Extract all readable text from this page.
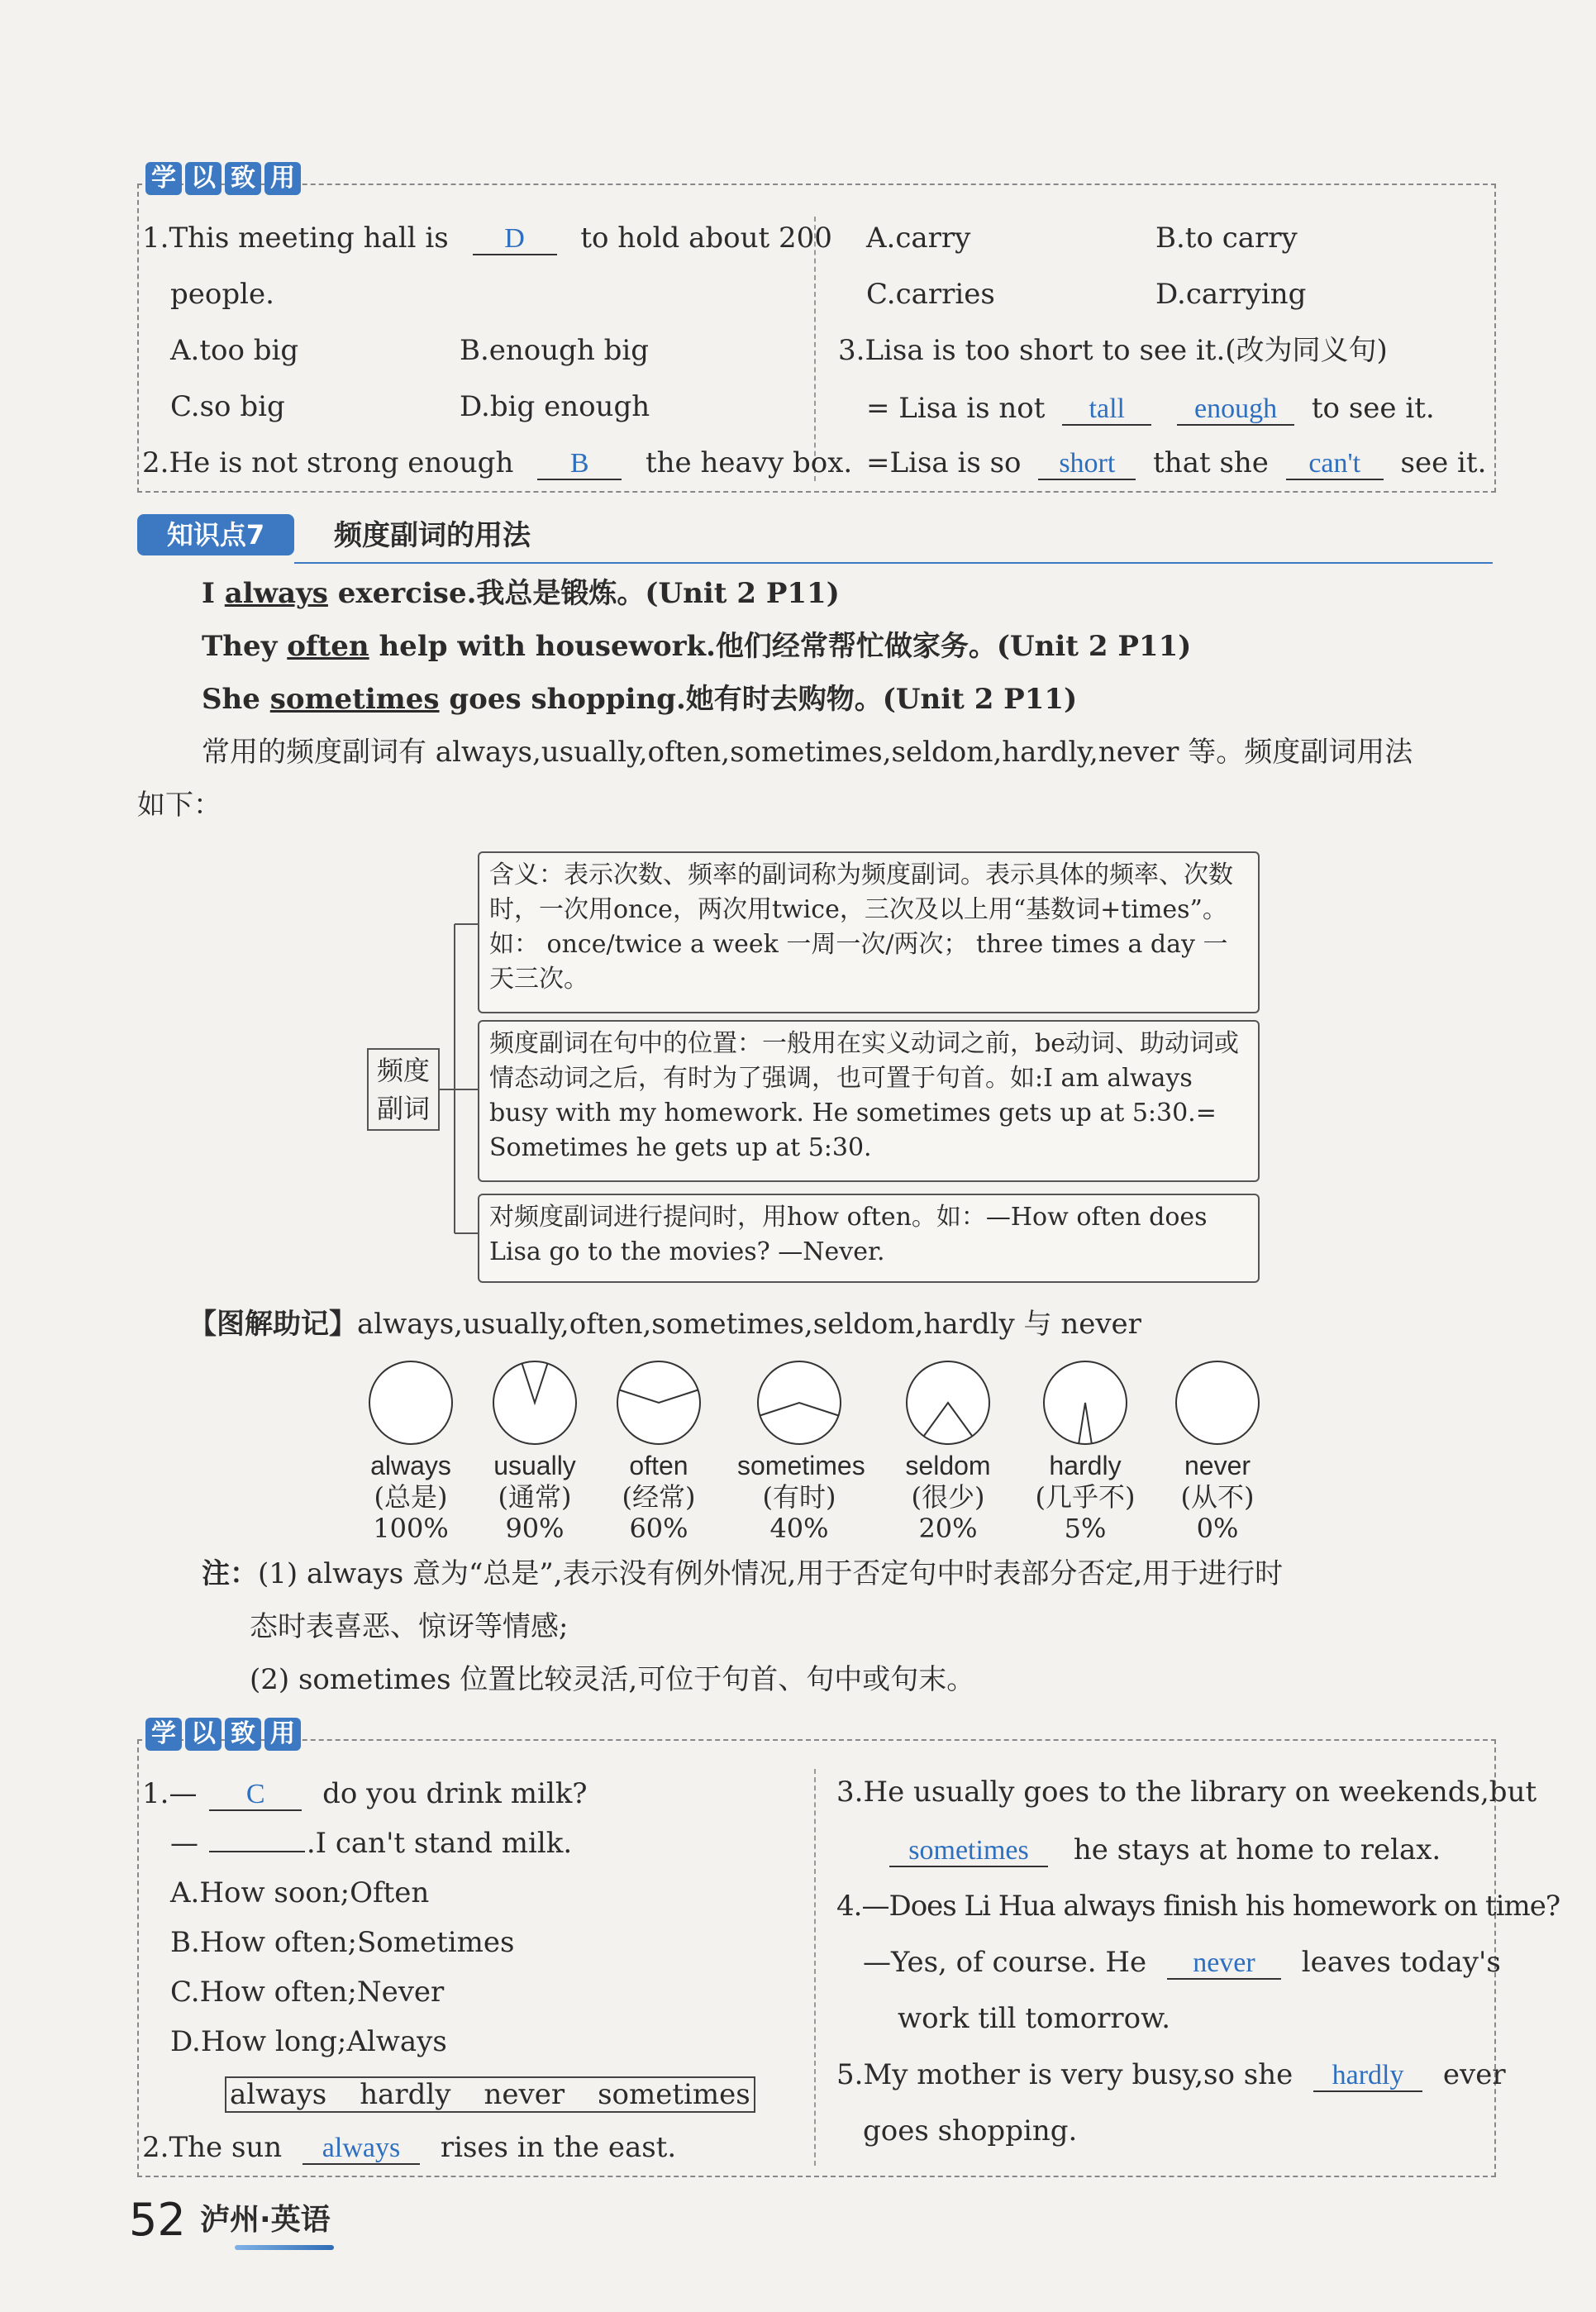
学 以 致 用
1.This meeting hall is D to hold about 200
people.
A.too big	B.enough big
C.so big	D.big enough
2.He is not strong enough B the heavy box.
A.carry	B.to carry
C.carries	D.carrying
3.Lisa is too short to see it.(改为同义句)
= Lisa is not tall enough to see it.
=Lisa is so short that she can't see it.
知识点7	频度副词的用法
I always exercise.我总是锻炼。(Unit 2 P11)
They often help with housework.他们经常帮忙做家务。(Unit 2 P11)
She sometimes goes shopping.她有时去购物。(Unit 2 P11)
常用的频度副词有 always,usually,often,sometimes,seldom,hardly,never 等。频度副词用法
如下：
频度
副词
含义：表示次数、频率的副词称为频度副词。表示具体的频率、次数时，一次用once，两次用twice，三次及以上用“基数词+times”。如： once/twice a week 一周一次/两次； three times a day 一天三次。
频度副词在句中的位置：一般用在实义动词之前，be动词、助动词或情态动词之后，有时为了强调，也可置于句首。如:I am always busy with my homework. He sometimes gets up at 5:30.= Sometimes he gets up at 5:30.
对频度副词进行提问时，用how often。如：—How often does Lisa go to the movies? —Never.
【图解助记】always,usually,often,sometimes,seldom,hardly 与 never
always
(总是)
100%
usually
(通常)
90%
often
(经常)
60%
sometimes
(有时)
40%
seldom
(很少)
20%
hardly
(几乎不)
5%
never
(从不)
0%
注：(1) always 意为“总是”,表示没有例外情况,用于否定句中时表部分否定,用于进行时
态时表喜恶、惊讶等情感;
(2) sometimes 位置比较灵活,可位于句首、句中或句末。
学 以 致 用
1.— C do you drink milk?
—	.I can't stand milk.
A.How soon;Often
B.How often;Sometimes
C.How often;Never
D.How long;Always
always hardly never sometimes
2.The sun always rises in the east.
3.He usually goes to the library on weekends,but
sometimes he stays at home to relax.
4.—Does Li Hua always finish his homework on time?
—Yes, of course. He never leaves today's
work till tomorrow.
5.My mother is very busy,so she hardly ever
goes shopping.
52 泸州·英语
